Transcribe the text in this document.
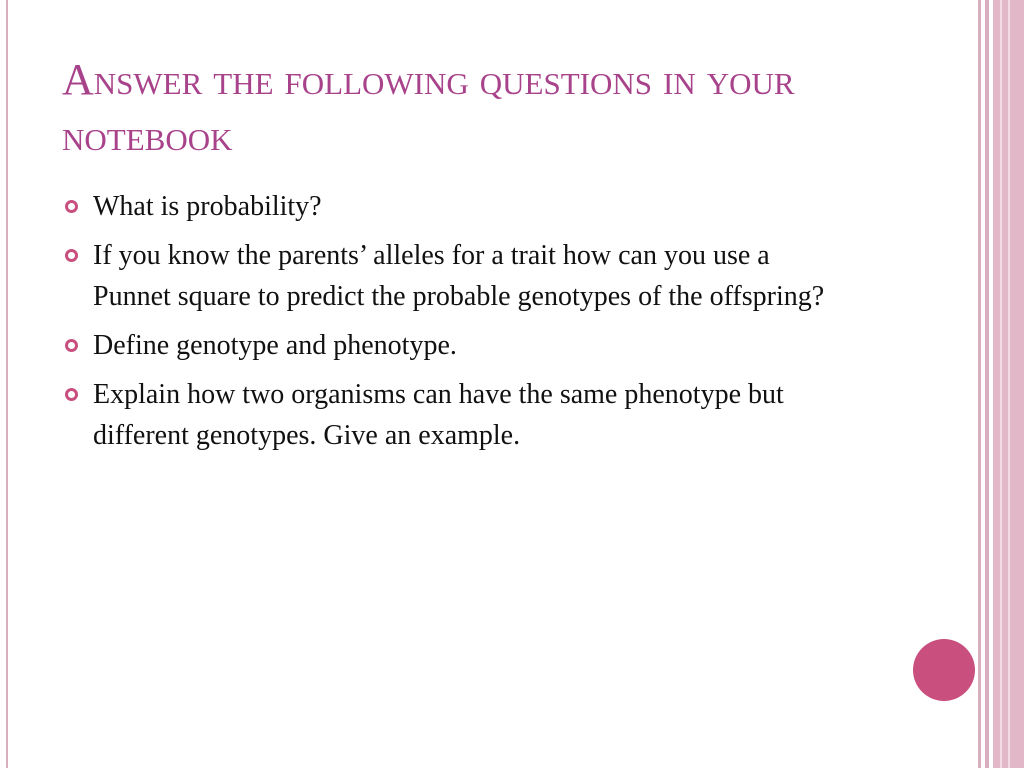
Answer the following questions in your notebook
What is probability?
If you know the parents’ alleles for a trait how can you use a Punnet square to predict the probable genotypes of the offspring?
Define genotype and phenotype.
Explain how two organisms can have the same phenotype but different genotypes. Give an example.
